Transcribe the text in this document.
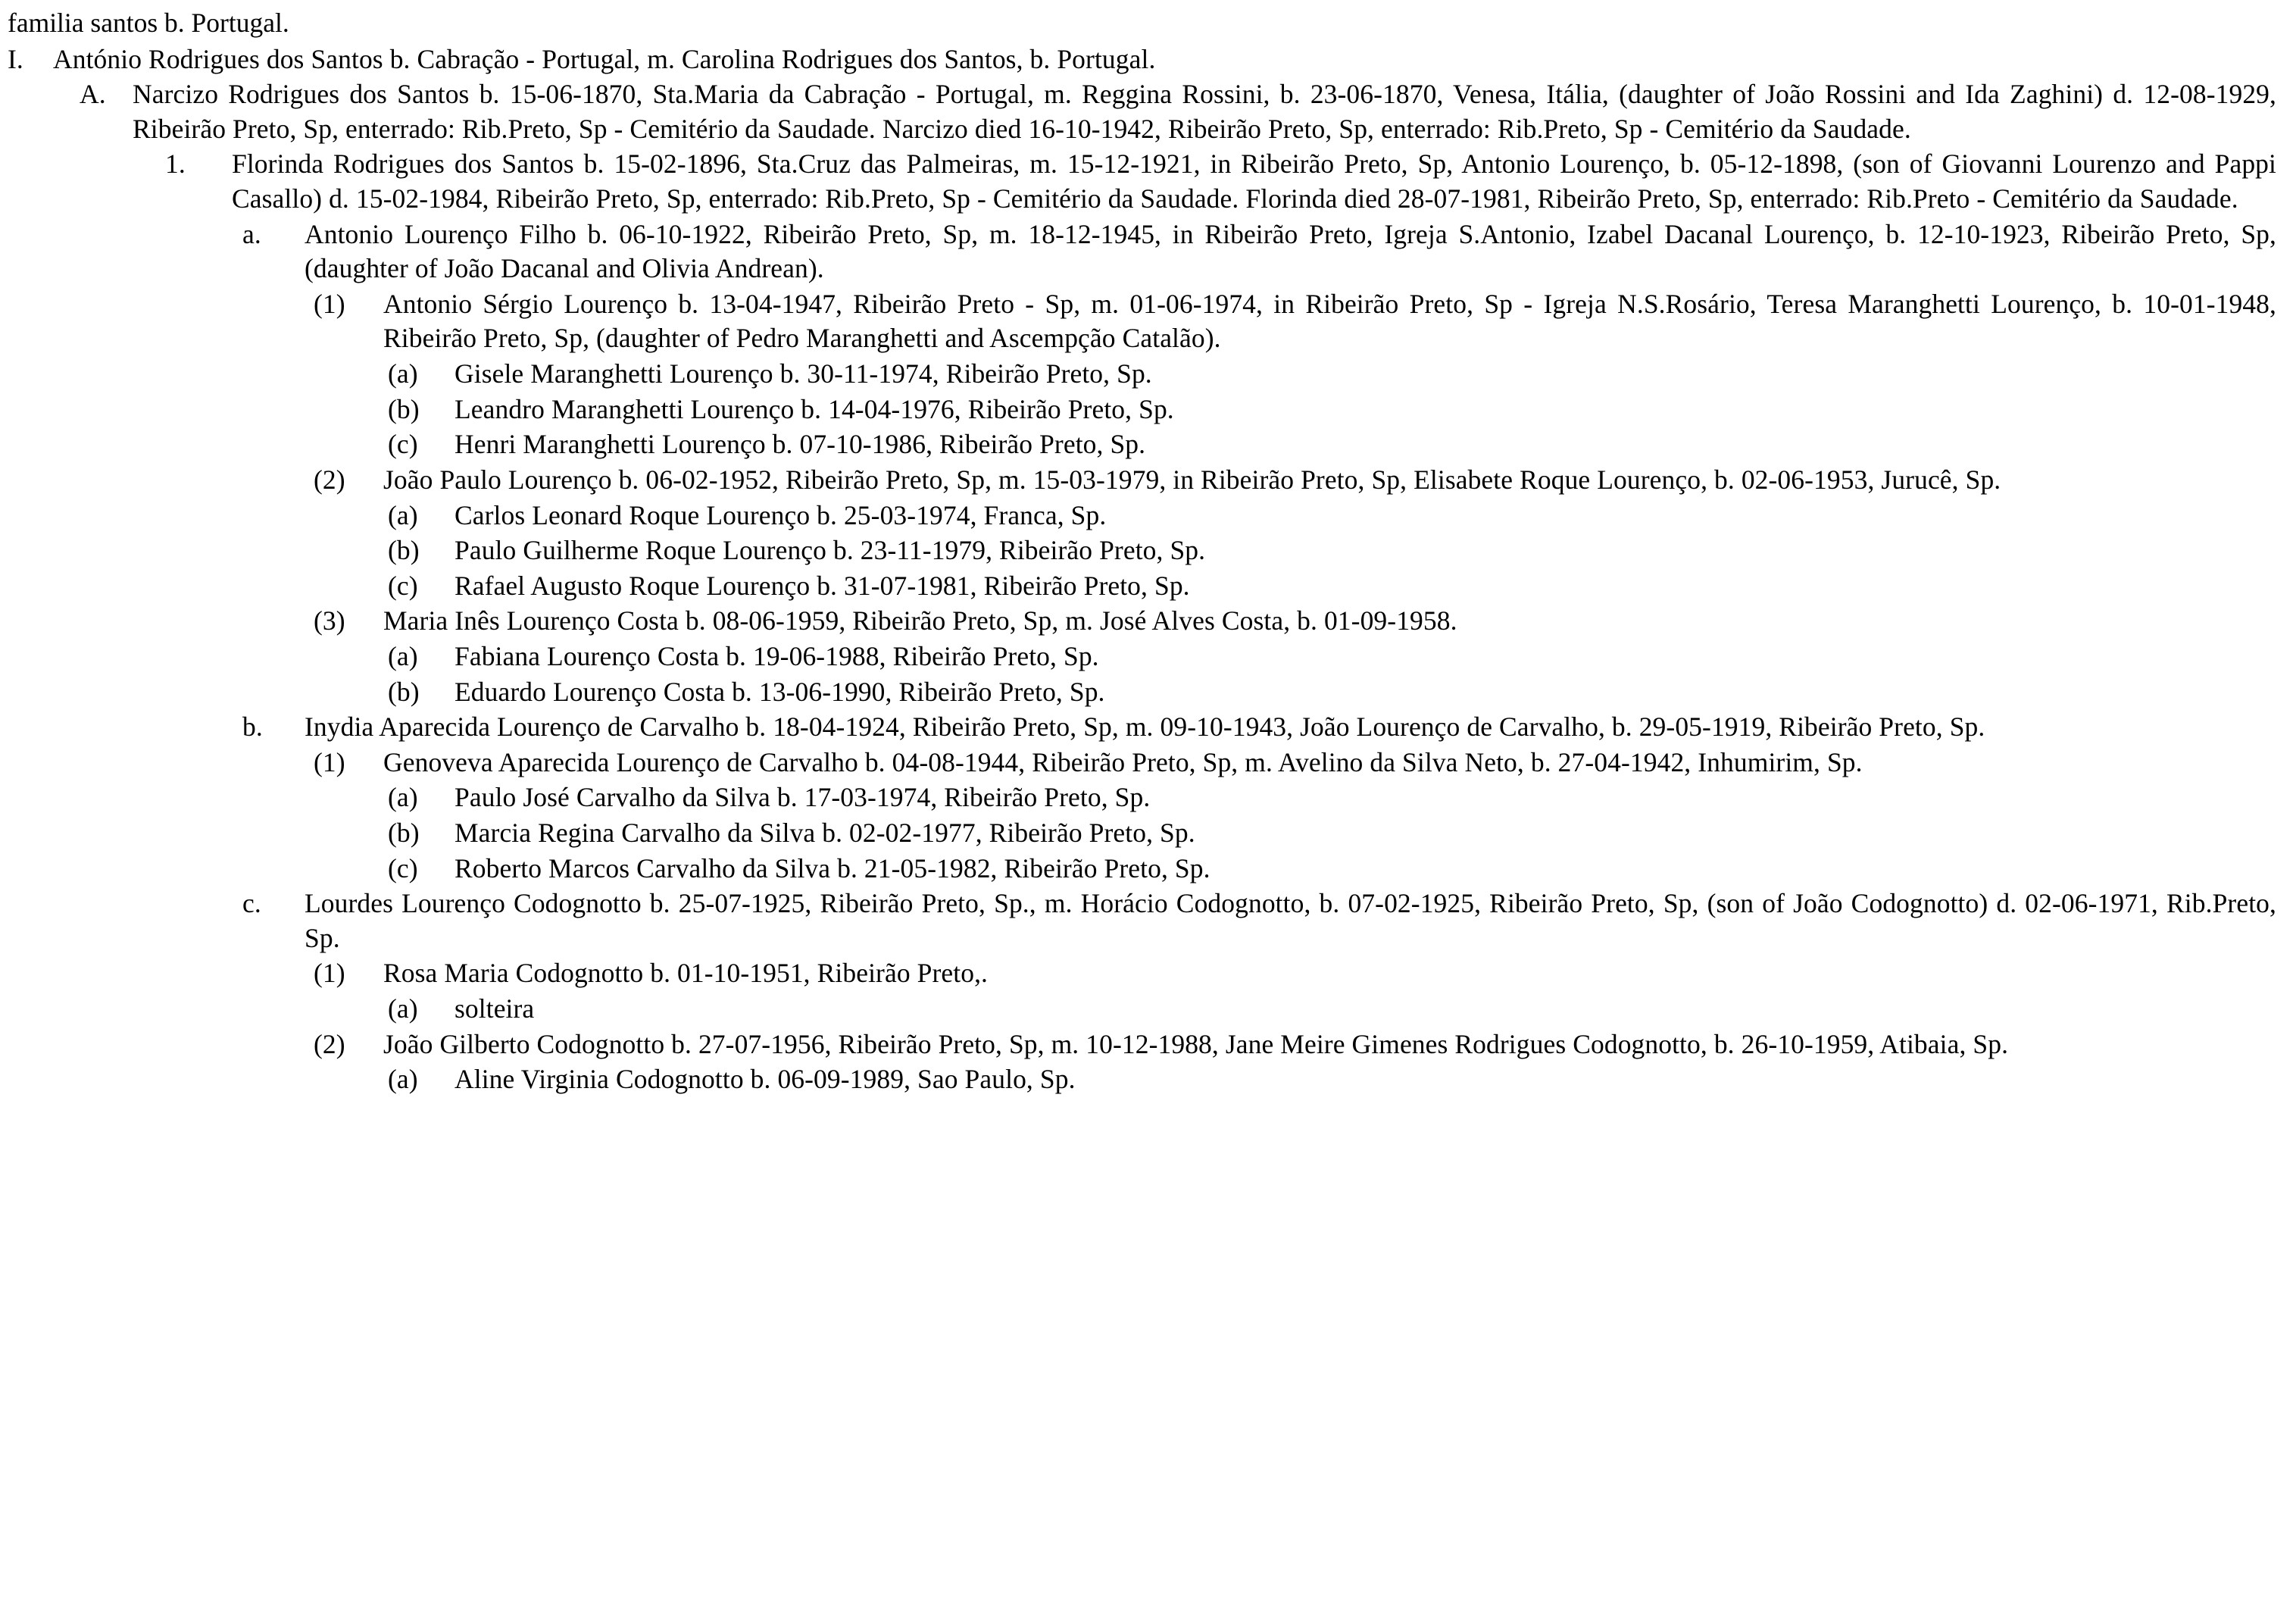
familia santos b. Portugal.
I.	António Rodrigues dos Santos b. Cabração - Portugal, m. Carolina Rodrigues dos Santos, b. Portugal.
A. Narcizo Rodrigues dos Santos b. 15-06-1870, Sta.Maria da Cabração - Portugal, m. Reggina Rossini, b. 23-06-1870, Venesa, Itália, (daughter of João Rossini and Ida Zaghini) d. 12-08-1929, Ribeirão Preto, Sp, enterrado: Rib.Preto, Sp - Cemitério da Saudade. Narcizo died 16-10-1942, Ribeirão Preto, Sp, enterrado: Rib.Preto, Sp - Cemitério da Saudade.
1.	Florinda Rodrigues dos Santos b. 15-02-1896, Sta.Cruz das Palmeiras, m. 15-12-1921, in Ribeirão Preto, Sp, Antonio Lourenço, b. 05-12-1898, (son of Giovanni Lourenzo and Pappi Casallo) d. 15-02-1984, Ribeirão Preto, Sp, enterrado: Rib.Preto, Sp - Cemitério da Saudade. Florinda died 28-07-1981, Ribeirão Preto, Sp, enterrado: Rib.Preto - Cemitério da Saudade.
a.	Antonio Lourenço Filho b. 06-10-1922, Ribeirão Preto, Sp, m. 18-12-1945, in Ribeirão Preto, Igreja S.Antonio, Izabel Dacanal Lourenço, b. 12-10-1923, Ribeirão Preto, Sp, (daughter of João Dacanal and Olivia Andrean).
(1)	Antonio Sérgio Lourenço b. 13-04-1947, Ribeirão Preto - Sp, m. 01-06-1974, in Ribeirão Preto, Sp - Igreja N.S.Rosário, Teresa Maranghetti Lourenço, b. 10-01-1948, Ribeirão Preto, Sp, (daughter of Pedro Maranghetti and Ascempção Catalão).
(a)	Gisele Maranghetti Lourenço b. 30-11-1974, Ribeirão Preto, Sp.
(b)	Leandro Maranghetti Lourenço b. 14-04-1976, Ribeirão Preto, Sp.
(c)	Henri Maranghetti Lourenço b. 07-10-1986, Ribeirão Preto, Sp.
(2)	João Paulo Lourenço b. 06-02-1952, Ribeirão Preto, Sp, m. 15-03-1979, in Ribeirão Preto, Sp, Elisabete Roque Lourenço, b. 02-06-1953, Jurucê, Sp.
(a)	Carlos Leonard Roque Lourenço b. 25-03-1974, Franca, Sp.
(b)	Paulo Guilherme Roque Lourenço b. 23-11-1979, Ribeirão Preto, Sp.
(c)	Rafael Augusto Roque Lourenço b. 31-07-1981, Ribeirão Preto, Sp.
(3)	Maria Inês Lourenço Costa b. 08-06-1959, Ribeirão Preto, Sp, m. José Alves Costa, b. 01-09-1958.
(a)	Fabiana Lourenço Costa b. 19-06-1988, Ribeirão Preto, Sp.
(b)	Eduardo Lourenço Costa b. 13-06-1990, Ribeirão Preto, Sp.
b.	Inydia Aparecida Lourenço de Carvalho b. 18-04-1924, Ribeirão Preto, Sp, m. 09-10-1943, João Lourenço de Carvalho, b. 29-05-1919, Ribeirão Preto, Sp.
(1)	Genoveva Aparecida Lourenço de Carvalho b. 04-08-1944, Ribeirão Preto, Sp, m. Avelino da Silva Neto, b. 27-04-1942, Inhumirim, Sp.
(a)	Paulo José Carvalho da Silva b. 17-03-1974, Ribeirão Preto, Sp.
(b)	Marcia Regina Carvalho da Silva b. 02-02-1977, Ribeirão Preto, Sp.
(c)	Roberto Marcos Carvalho da Silva b. 21-05-1982, Ribeirão Preto, Sp.
c.	Lourdes Lourenço Codognotto b. 25-07-1925, Ribeirão Preto, Sp., m. Horácio Codognotto, b. 07-02-1925, Ribeirão Preto, Sp, (son of João Codognotto) d. 02-06-1971, Rib.Preto, Sp.
(1)	Rosa Maria Codognotto b. 01-10-1951, Ribeirão Preto,.
(a)	solteira
(2)	João Gilberto Codognotto b. 27-07-1956, Ribeirão Preto, Sp, m. 10-12-1988, Jane Meire Gimenes Rodrigues Codognotto, b. 26-10-1959, Atibaia, Sp.
(a)	Aline Virginia Codognotto b. 06-09-1989, Sao Paulo, Sp.
